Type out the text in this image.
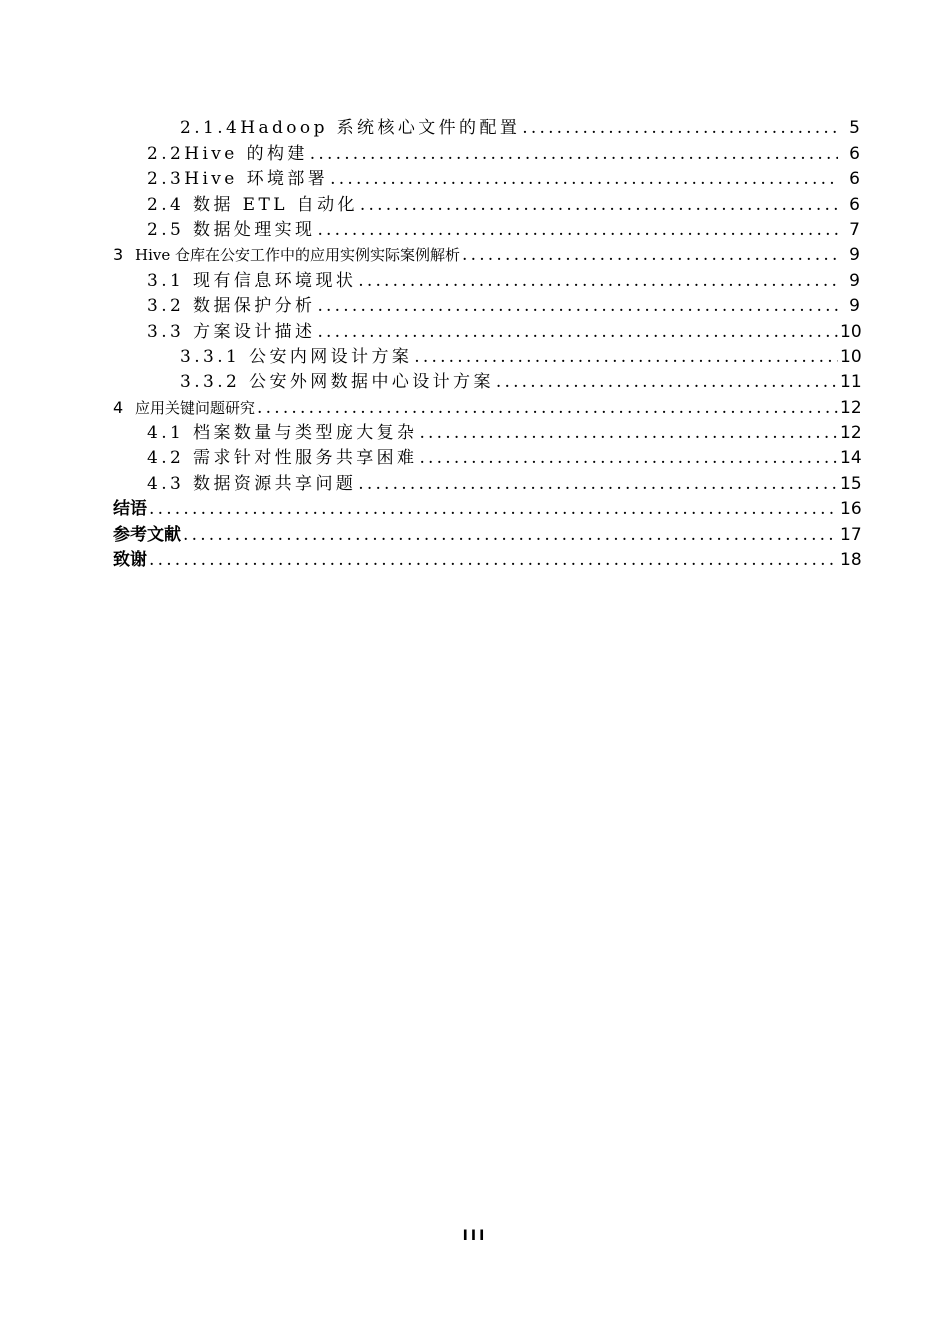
2.1.4Hadoop 系统核心文件的配置 .....	5
2.2Hive 的构建 .....	6
2.3Hive 环境部署 .....	6
2.4 数据 ETL 自动化 .....	6
2.5 数据处理实现 .....	7
3 Hive 仓库在公安工作中的应用实例实际案例解析 .....	9
3.1 现有信息环境现状 .....	9
3.2 数据保护分析 .....	9
3.3 方案设计描述 .....	10
3.3.1 公安内网设计方案 .....	10
3.3.2 公安外网数据中心设计方案 .....	11
4 应用关键问题研究 .....	12
4.1 档案数量与类型庞大复杂 .....	12
4.2 需求针对性服务共享困难 .....	14
4.3 数据资源共享问题 .....	15
结语 .....	16
参考文献 .....	17
致谢 .....	18
III
